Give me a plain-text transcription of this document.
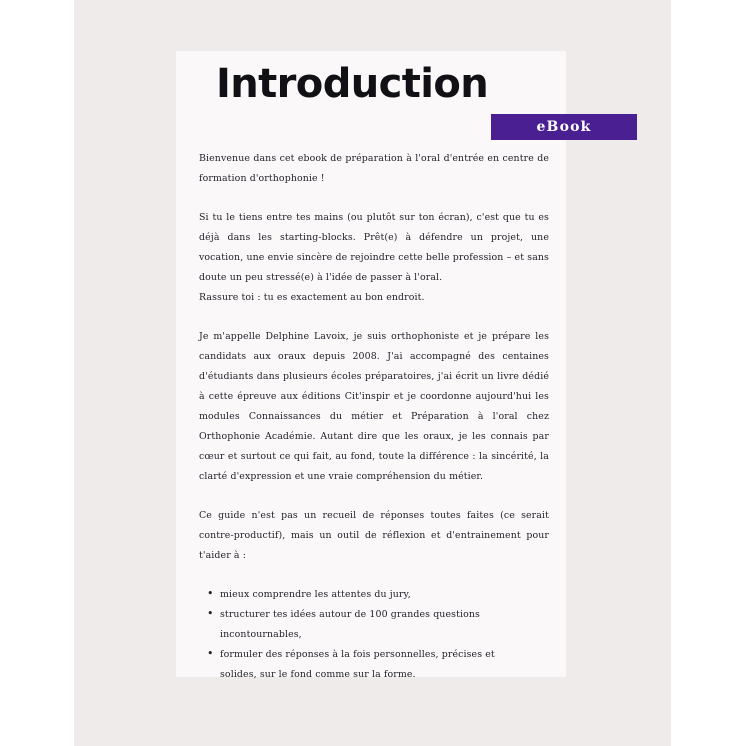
Introduction
eBook

Bienvenue dans cet ebook de préparation à l'oral d'entrée en centre de formation d'orthophonie !

Si tu le tiens entre tes mains (ou plutôt sur ton écran), c'est que tu es déjà dans les starting-blocks. Prêt(e) à défendre un projet, une vocation, une envie sincère de rejoindre cette belle profession – et sans doute un peu stressé(e) à l'idée de passer à l'oral.
Rassure toi : tu es exactement au bon endroit.

Je m'appelle Delphine Lavoix, je suis orthophoniste et je prépare les candidats aux oraux depuis 2008. J'ai accompagné des centaines d'étudiants dans plusieurs écoles préparatoires, j'ai écrit un livre dédié à cette épreuve aux éditions Cit'inspir et je coordonne aujourd'hui les modules Connaissances du métier et Préparation à l'oral chez Orthophonie Académie. Autant dire que les oraux, je les connais par cœur et surtout ce qui fait, au fond, toute la différence : la sincérité, la clarté d'expression et une vraie compréhension du métier.

Ce guide n'est pas un recueil de réponses toutes faites (ce serait contre-productif), mais un outil de réflexion et d'entrainement pour t'aider à :

• mieux comprendre les attentes du jury,
• structurer tes idées autour de 100 grandes questions
incontournables,
• formuler des réponses à la fois personnelles, précises et
solides, sur le fond comme sur la forme.
